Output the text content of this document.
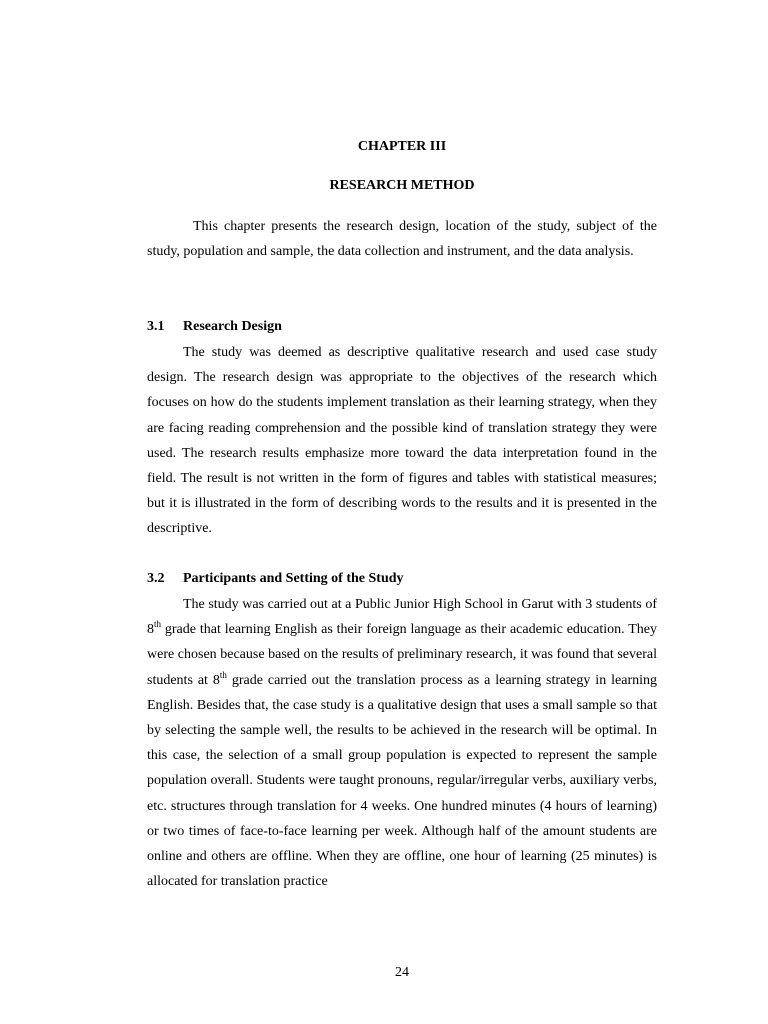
CHAPTER III
RESEARCH METHOD

This chapter presents the research design, location of the study, subject of the study, population and sample, the data collection and instrument, and the data analysis.

3.1 Research Design

The study was deemed as descriptive qualitative research and used case study design. The research design was appropriate to the objectives of the research which focuses on how do the students implement translation as their learning strategy, when they are facing reading comprehension and the possible kind of translation strategy they were used. The research results emphasize more toward the data interpretation found in the field. The result is not written in the form of figures and tables with statistical measures; but it is illustrated in the form of describing words to the results and it is presented in the descriptive.

3.2 Participants and Setting of the Study

The study was carried out at a Public Junior High School in Garut with 3 students of 8th grade that learning English as their foreign language as their academic education. They were chosen because based on the results of preliminary research, it was found that several students at 8th grade carried out the translation process as a learning strategy in learning English. Besides that, the case study is a qualitative design that uses a small sample so that by selecting the sample well, the results to be achieved in the research will be optimal. In this case, the selection of a small group population is expected to represent the sample population overall. Students were taught pronouns, regular/irregular verbs, auxiliary verbs, etc. structures through translation for 4 weeks. One hundred minutes (4 hours of learning) or two times of face-to-face learning per week. Although half of the amount students are online and others are offline. When they are offline, one hour of learning (25 minutes) is allocated for translation practice

24
